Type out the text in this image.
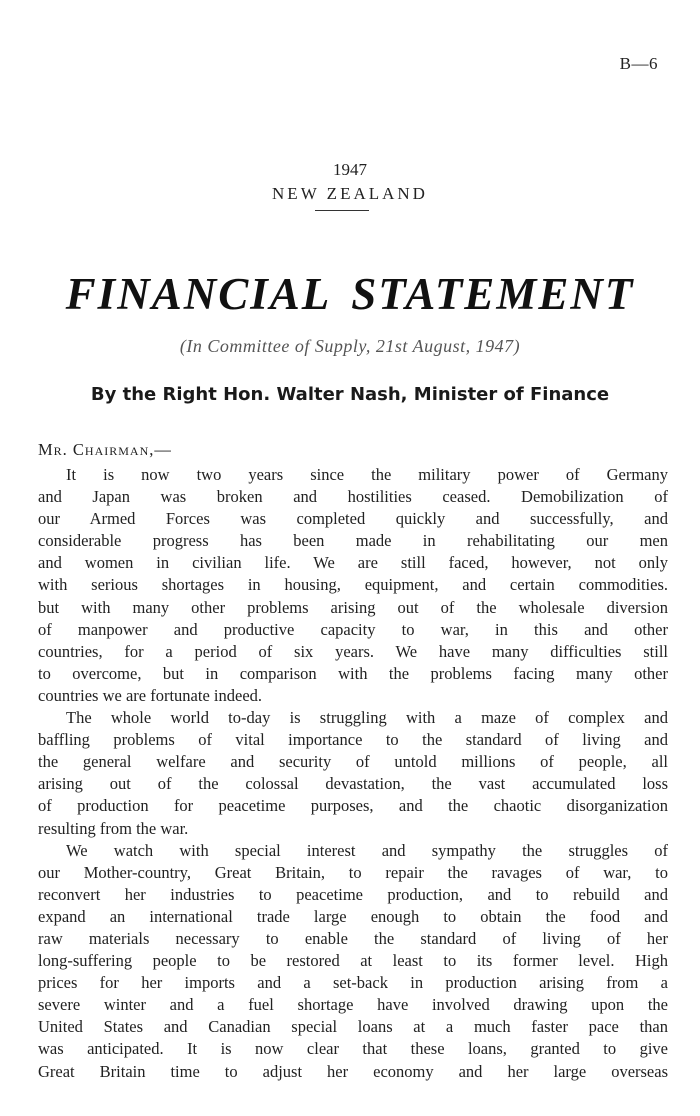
B—6
1947
NEW ZEALAND
FINANCIAL STATEMENT
(In Committee of Supply, 21st August, 1947)
By the Right Hon. Walter Nash, Minister of Finance
Mr. Chairman,—
It is now two years since the military power of Germany
and Japan was broken and hostilities ceased. Demobilization of
our Armed Forces was completed quickly and successfully, and
considerable progress has been made in rehabilitating our men
and women in civilian life. We are still faced, however, not only
with serious shortages in housing, equipment, and certain commodities.
but with many other problems arising out of the wholesale diversion
of manpower and productive capacity to war, in this and other
countries, for a period of six years. We have many difficulties still
to overcome, but in comparison with the problems facing many other
countries we are fortunate indeed.
The whole world to-day is struggling with a maze of complex and
baffling problems of vital importance to the standard of living and
the general welfare and security of untold millions of people, all
arising out of the colossal devastation, the vast accumulated loss
of production for peacetime purposes, and the chaotic disorganization
resulting from the war.
We watch with special interest and sympathy the struggles of
our Mother-country, Great Britain, to repair the ravages of war, to
reconvert her industries to peacetime production, and to rebuild and
expand an international trade large enough to obtain the food and
raw materials necessary to enable the standard of living of her
long-suffering people to be restored at least to its former level. High
prices for her imports and a set-back in production arising from a
severe winter and a fuel shortage have involved drawing upon the
United States and Canadian special loans at a much faster pace than
was anticipated. It is now clear that these loans, granted to give
Great Britain time to adjust her economy and her large overseas
